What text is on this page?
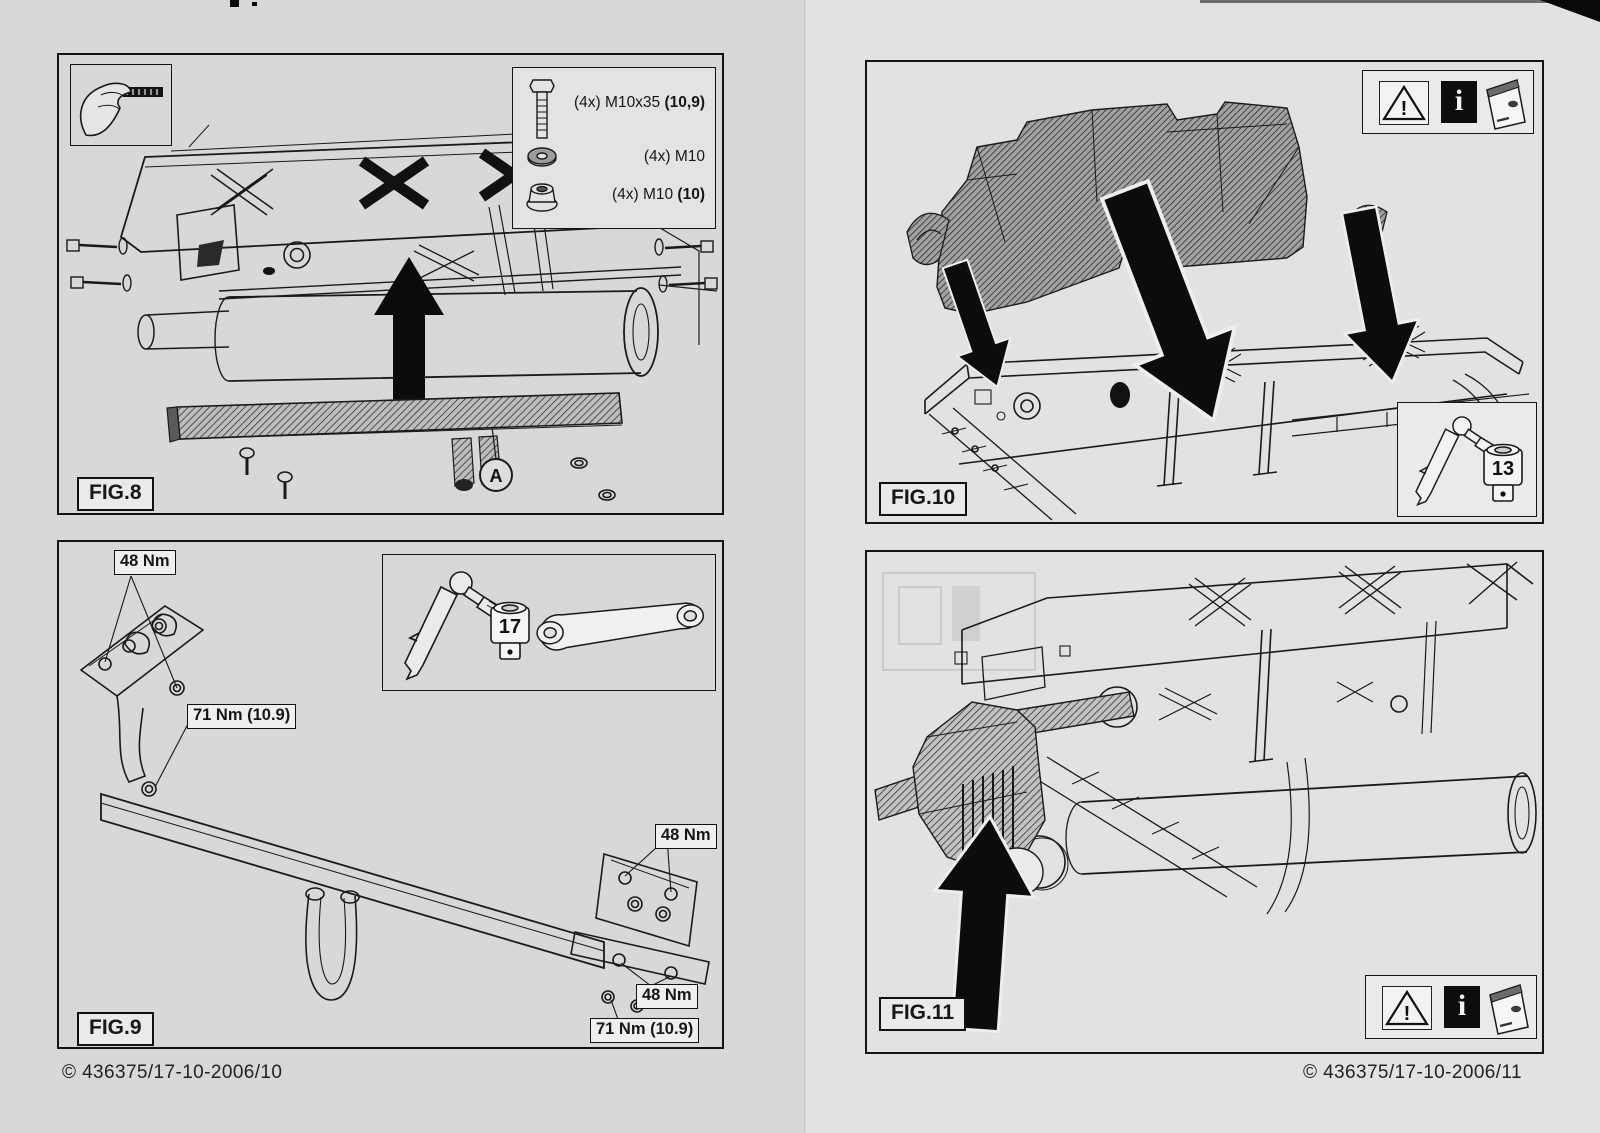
A
(4x) M10x35 (10,9)
(4x) M10
(4x) M10 (10)
FIG.8
17
48 Nm
71 Nm (10.9)
48 Nm
48 Nm
71 Nm (10.9)
FIG.9
© 436375/17-10-2006/10
!	i
13
FIG.10
!	i
FIG.11
© 436375/17-10-2006/11
